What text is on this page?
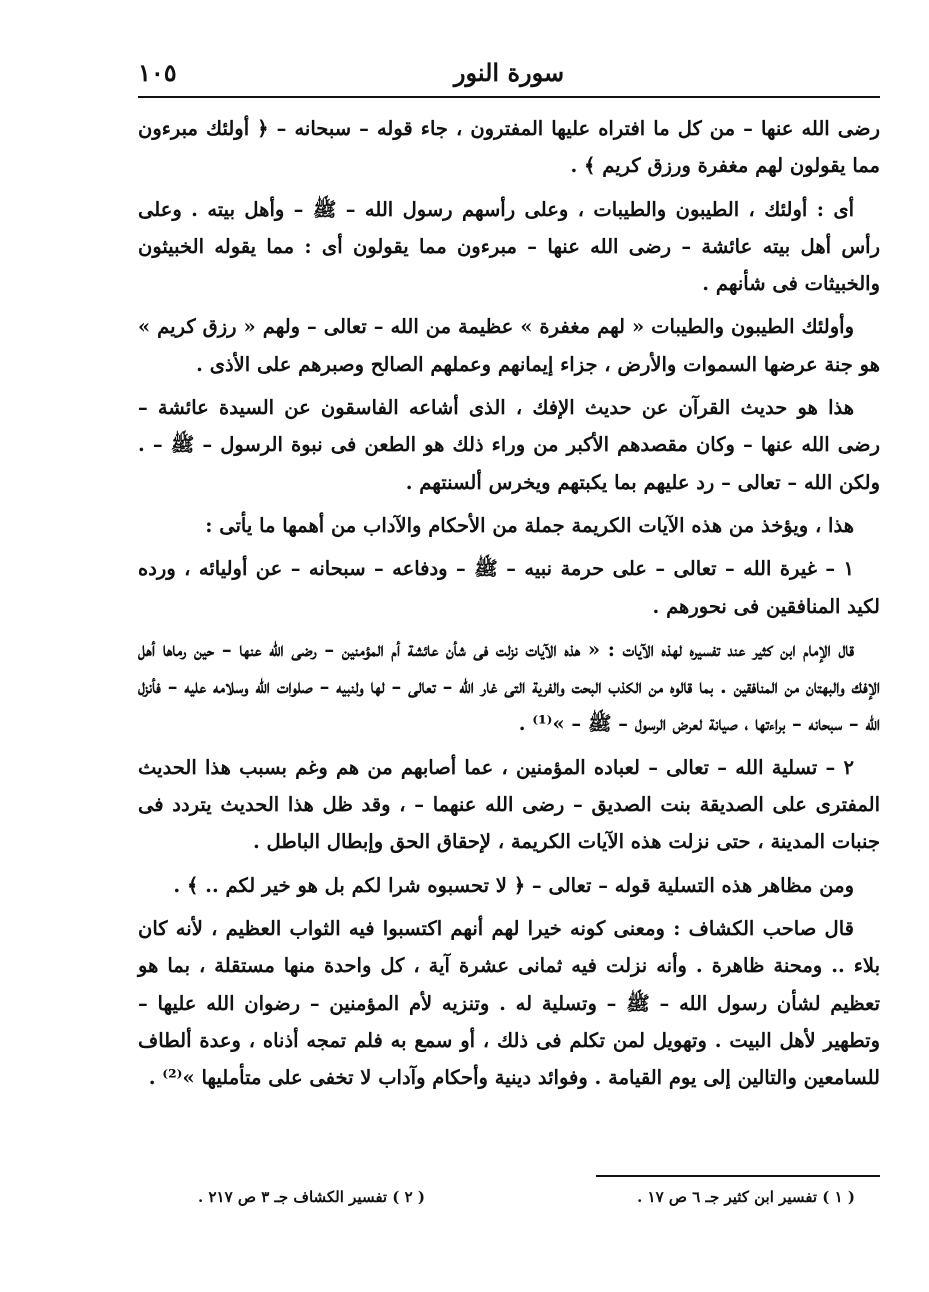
١٠٥	سورة النور

رضى الله عنها – من كل ما افتراه عليها المفترون ، جاء قوله – سبحانه – ﴿ أولئك مبرءون مما يقولون لهم مغفرة ورزق كريم ﴾ .

أى : أولئك ، الطيبون والطيبات ، وعلى رأسهم رسول الله – ﷺ – وأهل بيته . وعلى رأس أهل بيته عائشة – رضى الله عنها – مبرءون مما يقولون أى : مما يقوله الخبيثون والخبيثات فى شأنهم .

وأولئك الطيبون والطيبات « لهم مغفرة » عظيمة من الله – تعالى – ولهم « رزق كريم » هو جنة عرضها السموات والأرض ، جزاء إيمانهم وعملهم الصالح وصبرهم على الأذى .

هذا هو حديث القرآن عن حديث الإفك ، الذى أشاعه الفاسقون عن السيدة عائشة – رضى الله عنها – وكان مقصدهم الأكبر من وراء ذلك هو الطعن فى نبوة الرسول – ﷺ – . ولكن الله – تعالى – رد عليهم بما يكبتهم ويخرس ألسنتهم .

هذا ، ويؤخذ من هذه الآيات الكريمة جملة من الأحكام والآداب من أهمها ما يأتى :

١ – غيرة الله – تعالى – على حرمة نبيه – ﷺ – ودفاعه – سبحانه – عن أوليائه ، ورده لكيد المنافقين فى نحورهم .

قال الإمام ابن كثير عند تفسيره لهذه الآيات : « هذه الآيات نزلت فى شأن عائشة أم المؤمنين – رضى الله عنها – حين رماها أهل الإفك والبهتان من المنافقين . بما قالوه من الكذب البحت والفرية التى غار الله – تعالى – لها ولنبيه – صلوات الله وسلامه عليه – فأنزل الله – سبحانه – براءتها ، صيانة لعرض الرسول – ﷺ – »⁽¹⁾ .

٢ – تسلية الله – تعالى – لعباده المؤمنين ، عما أصابهم من هم وغم بسبب هذا الحديث المفترى على الصديقة بنت الصديق – رضى الله عنهما – ، وقد ظل هذا الحديث يتردد فى جنبات المدينة ، حتى نزلت هذه الآيات الكريمة ، لإحقاق الحق وإبطال الباطل .

ومن مظاهر هذه التسلية قوله – تعالى – ﴿ لا تحسبوه شرا لكم بل هو خير لكم .. ﴾ .

قال صاحب الكشاف : ومعنى كونه خيرا لهم أنهم اكتسبوا فيه الثواب العظيم ، لأنه كان بلاء .. ومحنة ظاهرة . وأنه نزلت فيه ثمانى عشرة آية ، كل واحدة منها مستقلة ، بما هو تعظيم لشأن رسول الله – ﷺ – وتسلية له . وتنزيه لأم المؤمنين – رضوان الله عليها – وتطهير لأهل البيت . وتهويل لمن تكلم فى ذلك ، أو سمع به فلم تمجه أذناه ، وعدة ألطاف للسامعين والتالين إلى يوم القيامة . وفوائد دينية وأحكام وآداب لا تخفى على متأمليها »⁽²⁾ .

( ١ ) تفسير ابن كثير جـ ٦ ص ١٧ .
( ٢ ) تفسير الكشاف جـ ٣ ص ٢١٧ .
